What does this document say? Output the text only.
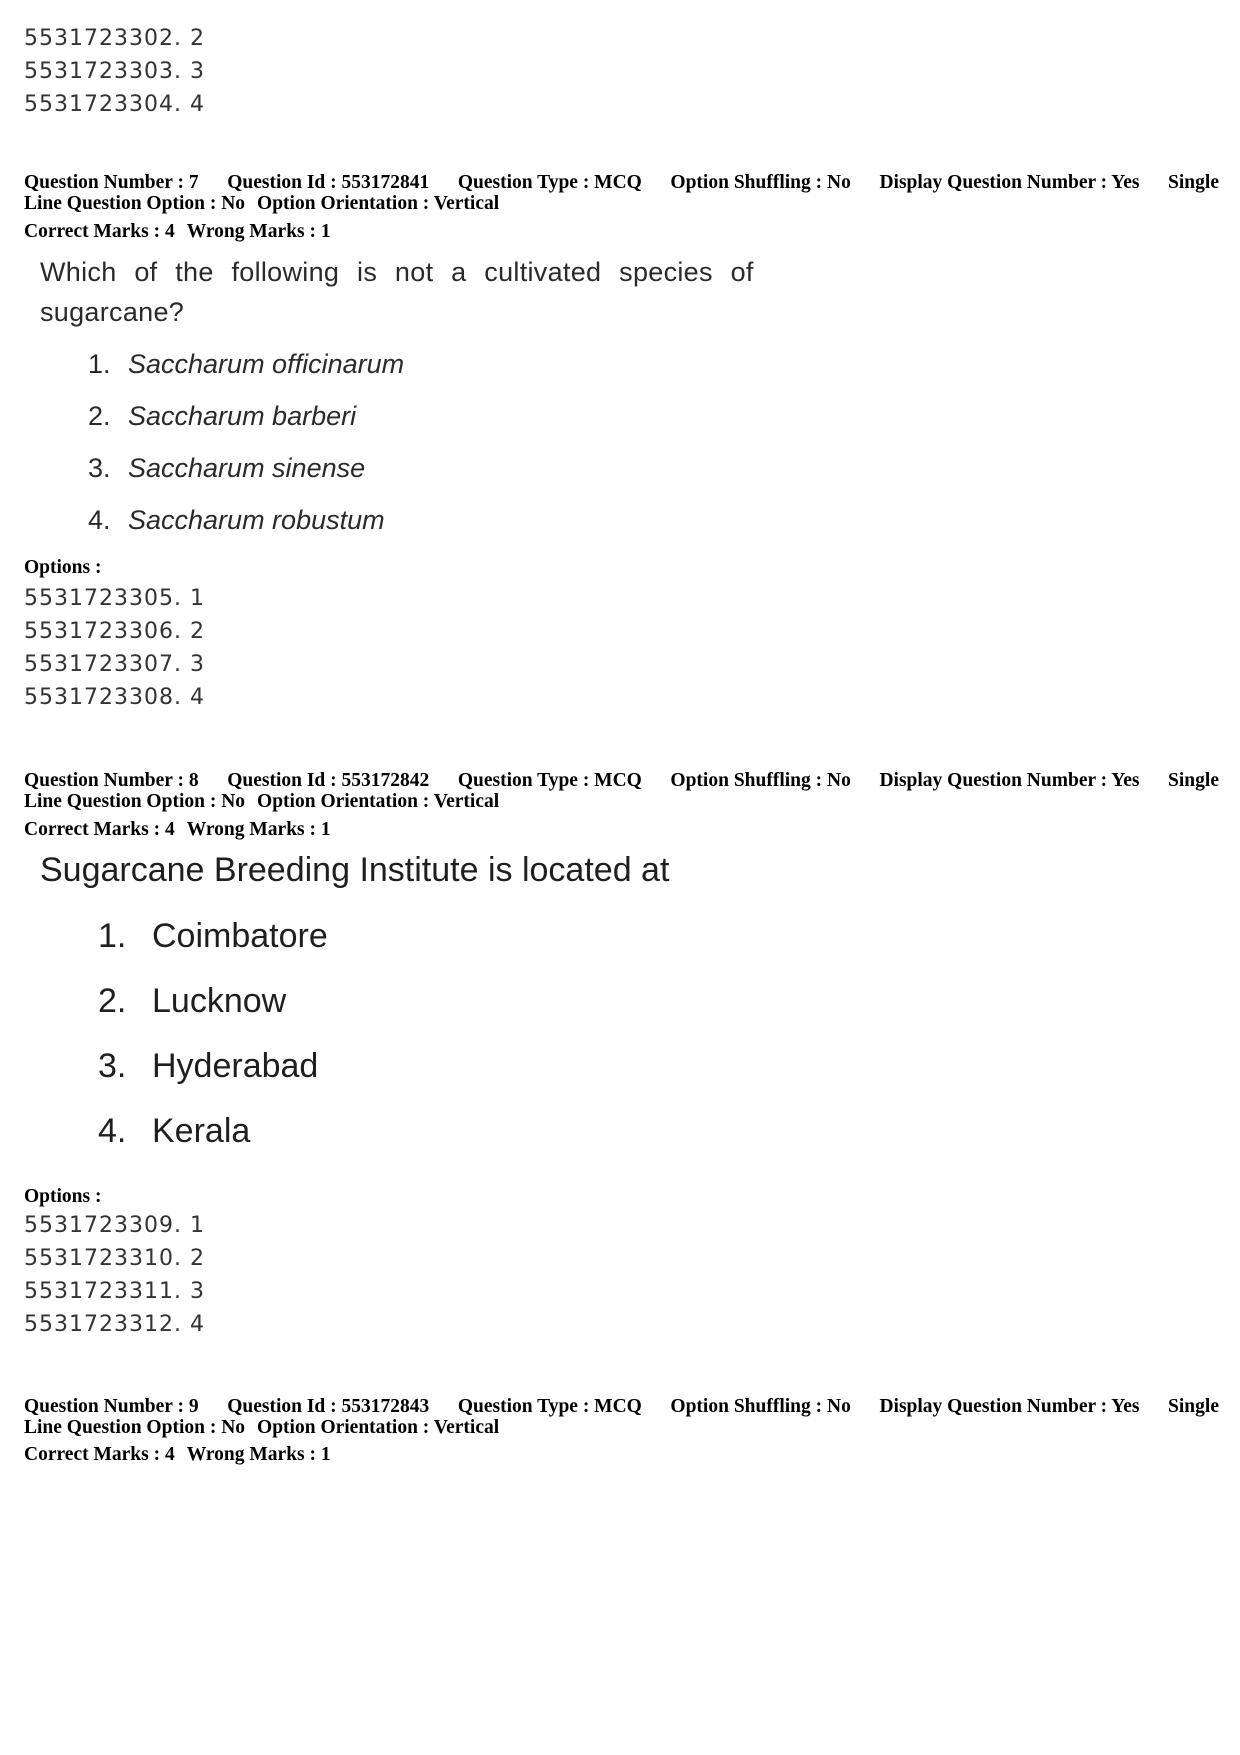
5531723302. 2
5531723303. 3
5531723304. 4
Question Number : 7 Question Id : 553172841 Question Type : MCQ Option Shuffling : No Display Question Number : Yes Single
Line Question Option : No Option Orientation : Vertical
Correct Marks : 4 Wrong Marks : 1
Which of the following is not a cultivated species of
sugarcane?
1. Saccharum officinarum
2. Saccharum barberi
3. Saccharum sinense
4. Saccharum robustum
Options :
5531723305. 1
5531723306. 2
5531723307. 3
5531723308. 4
Question Number : 8 Question Id : 553172842 Question Type : MCQ Option Shuffling : No Display Question Number : Yes Single
Line Question Option : No Option Orientation : Vertical
Correct Marks : 4 Wrong Marks : 1
Sugarcane Breeding Institute is located at
1. Coimbatore
2. Lucknow
3. Hyderabad
4. Kerala
Options :
5531723309. 1
5531723310. 2
5531723311. 3
5531723312. 4
Question Number : 9 Question Id : 553172843 Question Type : MCQ Option Shuffling : No Display Question Number : Yes Single
Line Question Option : No Option Orientation : Vertical
Correct Marks : 4 Wrong Marks : 1
